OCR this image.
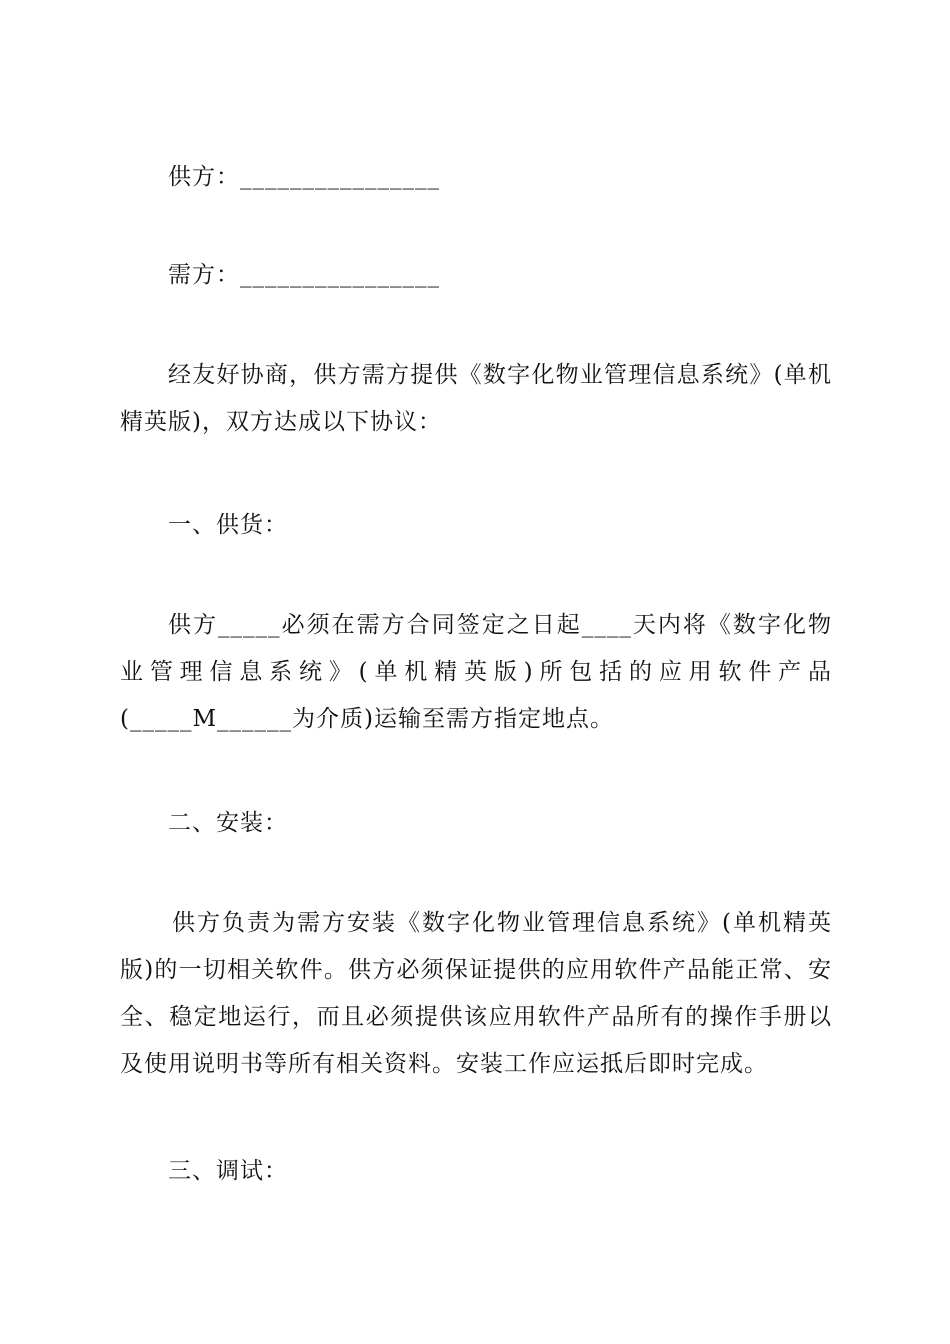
供方：________________
需方：________________
经友好协商，供方需方提供《数字化物业管理信息系统》(单机精英版)，双方达成以下协议：
一、供货：
供方_____必须在需方合同签定之日起____天内将《数字化物业管理信息系统》(单机精英版)所包括的应用软件产品(_____M______为介质)运输至需方指定地点。
二、安装：
供方负责为需方安装《数字化物业管理信息系统》(单机精英版)的一切相关软件。供方必须保证提供的应用软件产品能正常、安全、稳定地运行，而且必须提供该应用软件产品所有的操作手册以及使用说明书等所有相关资料。安装工作应运抵后即时完成。
三、调试：
